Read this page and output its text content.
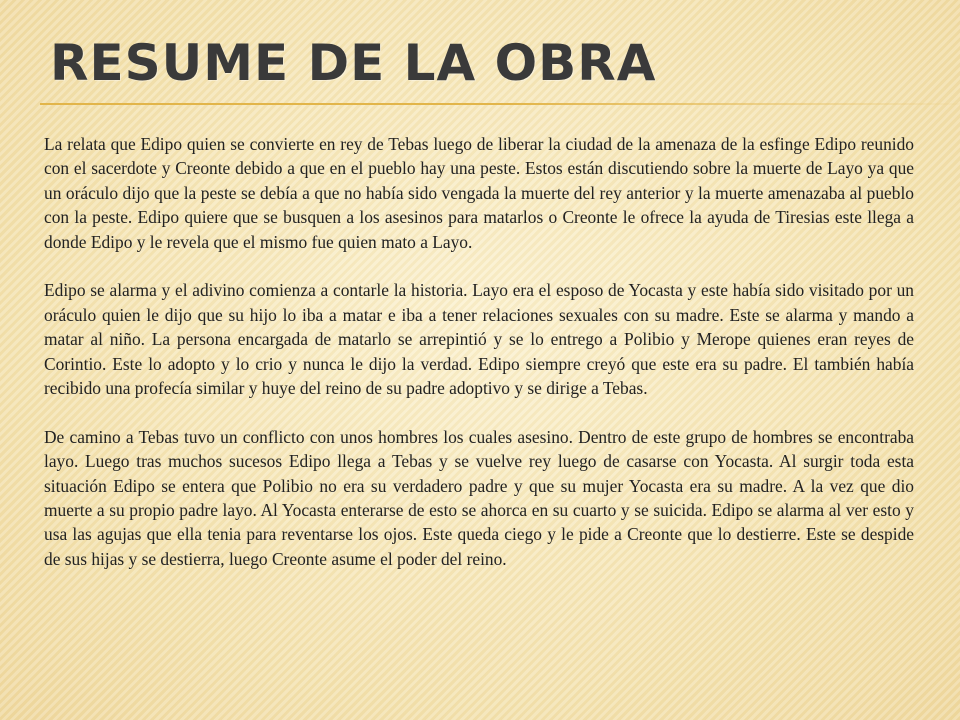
RESUME DE LA OBRA

La relata que Edipo quien se convierte en rey de Tebas luego de liberar la ciudad de la amenaza de la esfinge Edipo reunido con el sacerdote y Creonte debido a que en el pueblo hay una peste. Estos están discutiendo sobre la muerte de Layo ya que un oráculo dijo que la peste se debía a que no había sido vengada la muerte del rey anterior y la muerte amenazaba al pueblo con la peste. Edipo quiere que se busquen a los asesinos para matarlos o Creonte le ofrece la ayuda de Tiresias este llega a donde Edipo y le revela que el mismo fue quien mato a Layo.

Edipo se alarma y el adivino comienza a contarle la historia. Layo era el esposo de Yocasta y este había sido visitado por un oráculo quien le dijo que su hijo lo iba a matar e iba a tener relaciones sexuales con su madre. Este se alarma y mando a matar al niño. La persona encargada de matarlo se arrepintió y se lo entrego a Polibio y Merope quienes eran reyes de Corintio. Este lo adopto y lo crio y nunca le dijo la verdad. Edipo siempre creyó que este era su padre. El también había recibido una profecía similar y huye del reino de su padre adoptivo y se dirige a Tebas.

De camino a Tebas tuvo un conflicto con unos hombres los cuales asesino. Dentro de este grupo de hombres se encontraba layo. Luego tras muchos sucesos Edipo llega a Tebas y se vuelve rey luego de casarse con Yocasta. Al surgir toda esta situación Edipo se entera que Polibio no era su verdadero padre y que su mujer Yocasta era su madre. A la vez que dio muerte a su propio padre layo. Al Yocasta enterarse de esto se ahorca en su cuarto y se suicida. Edipo se alarma al ver esto y usa las agujas que ella tenia para reventarse los ojos. Este queda ciego y le pide a Creonte que lo destierre. Este se despide de sus hijas y se destierra, luego Creonte asume el poder del reino.
